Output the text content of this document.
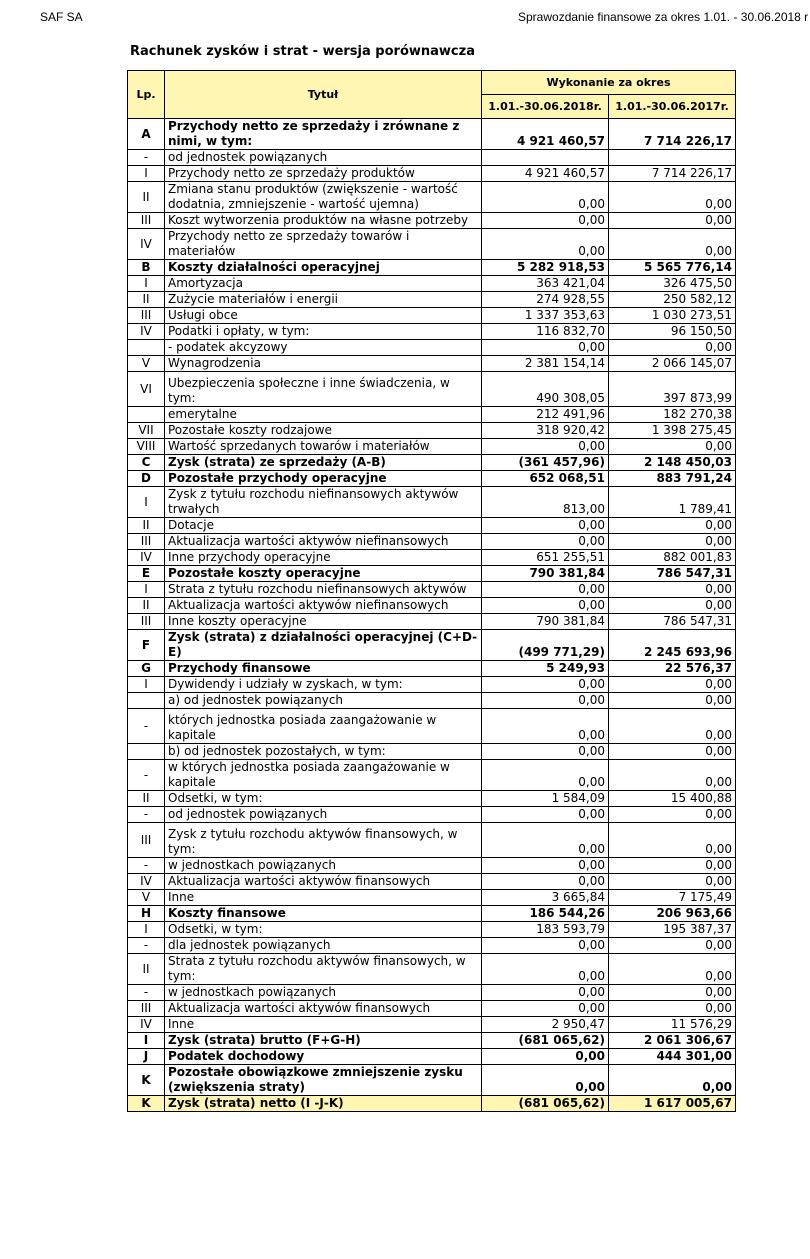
SAF SA	Sprawozdanie finansowe za okres 1.01. - 30.06.2018 r
Rachunek zysków i strat - wersja porównawcza
Lp.	Tytuł	Wykonanie za okres	
		1.01.-30.06.2018r.	1.01.-30.06.2017r.
A	Przychody netto ze sprzedaży i zrównane z nimi, w tym:	4 921 460,57	7 714 226,17
-	od jednostek powiązanych		
I	Przychody netto ze sprzedaży produktów	4 921 460,57	7 714 226,17
II	Zmiana stanu produktów (zwiększenie - wartość dodatnia, zmniejszenie - wartość ujemna)	0,00	0,00
III	Koszt wytworzenia produktów na własne potrzeby	0,00	0,00
IV	Przychody netto ze sprzedaży towarów i materiałów	0,00	0,00
B	Koszty działalności operacyjnej	5 282 918,53	5 565 776,14
I	Amortyzacja	363 421,04	326 475,50
II	Zużycie materiałów i energii	274 928,55	250 582,12
III	Usługi obce	1 337 353,63	1 030 273,51
IV	Podatki i opłaty, w tym:	116 832,70	96 150,50
	- podatek akcyzowy	0,00	0,00
V	Wynagrodzenia	2 381 154,14	2 066 145,07
VI	Ubezpieczenia społeczne i inne świadczenia, w tym:	490 308,05	397 873,99
	emerytalne	212 491,96	182 270,38
VII	Pozostałe koszty rodzajowe	318 920,42	1 398 275,45
VIII	Wartość sprzedanych towarów i materiałów	0,00	0,00
C	Zysk (strata) ze sprzedaży (A-B)	(361 457,96)	2 148 450,03
D	Pozostałe przychody operacyjne	652 068,51	883 791,24
I	Zysk z tytułu rozchodu niefinansowych aktywów trwałych	813,00	1 789,41
II	Dotacje	0,00	0,00
III	Aktualizacja wartości aktywów niefinansowych	0,00	0,00
IV	Inne przychody operacyjne	651 255,51	882 001,83
E	Pozostałe koszty operacyjne	790 381,84	786 547,31
I	Strata z tytułu rozchodu niefinansowych aktywów	0,00	0,00
II	Aktualizacja wartości aktywów niefinansowych	0,00	0,00
III	Inne koszty operacyjne	790 381,84	786 547,31
F	Zysk (strata) z działalności operacyjnej (C+D-E)	(499 771,29)	2 245 693,96
G	Przychody finansowe	5 249,93	22 576,37
I	Dywidendy i udziały w zyskach, w tym:	0,00	0,00
	a) od jednostek powiązanych	0,00	0,00
-	których jednostka posiada zaangażowanie w kapitale	0,00	0,00
	b) od jednostek pozostałych, w tym:	0,00	0,00
-	w których jednostka posiada zaangażowanie w kapitale	0,00	0,00
II	Odsetki, w tym:	1 584,09	15 400,88
-	od jednostek powiązanych	0,00	0,00
III	Zysk z tytułu rozchodu aktywów finansowych, w tym:	0,00	0,00
-	w jednostkach powiązanych	0,00	0,00
IV	Aktualizacja wartości aktywów finansowych	0,00	0,00
V	Inne	3 665,84	7 175,49
H	Koszty finansowe	186 544,26	206 963,66
I	Odsetki, w tym:	183 593,79	195 387,37
-	dla jednostek powiązanych	0,00	0,00
II	Strata z tytułu rozchodu aktywów finansowych, w tym:	0,00	0,00
-	w jednostkach powiązanych	0,00	0,00
III	Aktualizacja wartości aktywów finansowych	0,00	0,00
IV	Inne	2 950,47	11 576,29
I	Zysk (strata) brutto (F+G-H)	(681 065,62)	2 061 306,67
J	Podatek dochodowy	0,00	444 301,00
K	Pozostałe obowiązkowe zmniejszenie zysku (zwiększenia straty)	0,00	0,00
K	Zysk (strata) netto (I -J-K)	(681 065,62)	1 617 005,67
